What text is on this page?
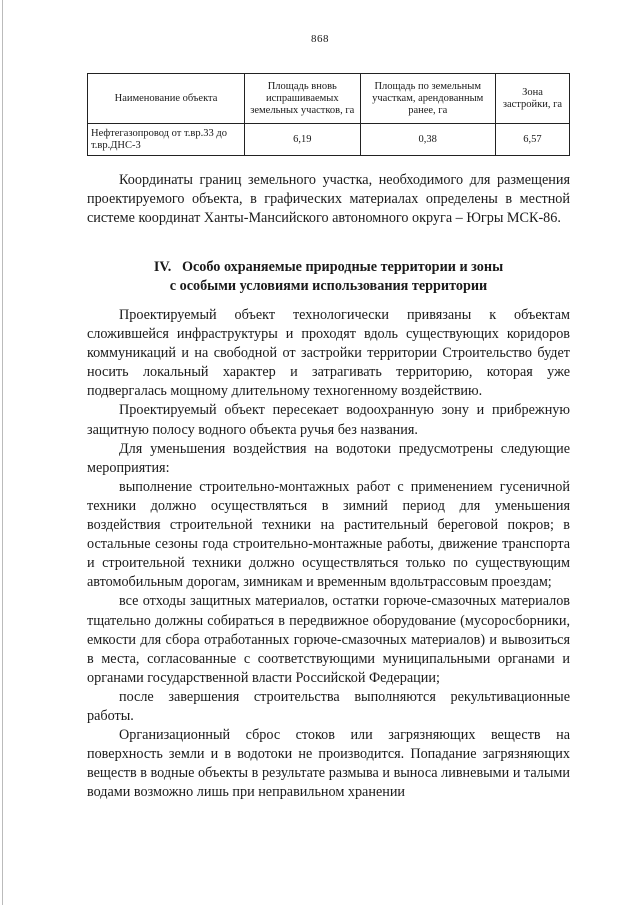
868
Наименование объекта	Площадь вновь испрашиваемых земельных участков, га	Площадь по земельным участкам, арендованным ранее, га	Зона застройки, га
Нефтегазопровод от т.вр.33 до т.вр.ДНС-3	6,19	0,38	6,57

Координаты границ земельного участка, необходимого для размещения проектируемого объекта, в графических материалах определены в местной системе координат Ханты-Мансийского автономного округа – Югры МСК-86.

IV. Особо охраняемые природные территории и зоны
с особыми условиями использования территории

Проектируемый объект технологически привязаны к объектам сложившейся инфраструктуры и проходят вдоль существующих коридоров коммуникаций и на свободной от застройки территории Строительство будет носить локальный характер и затрагивать территорию, которая уже подвергалась мощному длительному техногенному воздействию.

Проектируемый объект пересекает водоохранную зону и прибрежную защитную полосу водного объекта ручья без названия.

Для уменьшения воздействия на водотоки предусмотрены следующие мероприятия:

выполнение строительно-монтажных работ с применением гусеничной техники должно осуществляться в зимний период для уменьшения воздействия строительной техники на растительный береговой покров; в остальные сезоны года строительно-монтажные работы, движение транспорта и строительной техники должно осуществляться только по существующим автомобильным дорогам, зимникам и временным вдольтрассовым проездам;

все отходы защитных материалов, остатки горюче-смазочных материалов тщательно должны собираться в передвижное оборудование (мусоросборники, емкости для сбора отработанных горюче-смазочных материалов) и вывозиться в места, согласованные с соответствующими муниципальными органами и органами государственной власти Российской Федерации;

после завершения строительства выполняются рекультивационные работы.

Организационный сброс стоков или загрязняющих веществ на поверхность земли и в водотоки не производится. Попадание загрязняющих веществ в водные объекты в результате размыва и выноса ливневыми и талыми водами возможно лишь при неправильном хранении
